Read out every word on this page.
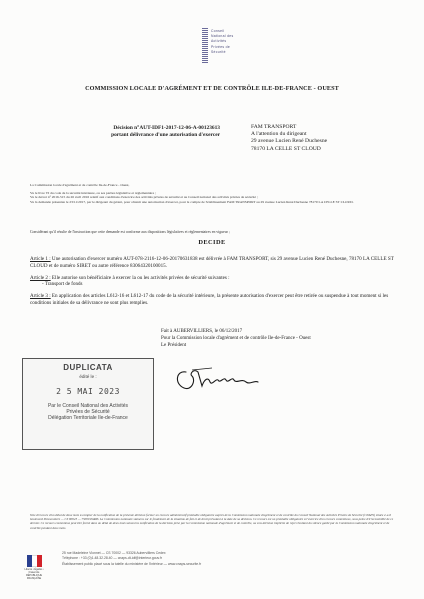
Conseil
National des
Activités
Privées de
Sécurité
COMMISSION LOCALE D'AGRÉMENT ET DE CONTRÔLE ILE-DE-FRANCE - OUEST
Décision n°AUT-IDF1-2017-12-06-A-00123613
portant délivrance d'une autorisation d'exercer
FAM TRANSPORT
A l'attention du dirigeant
29 avenue Lucien René Duchesne
78170 LA CELLE ST CLOUD
La Commission locale d'agrément et de contrôle Ile-de-France - Ouest,
Vu le livre VI du code de la sécurité intérieure, ou ses parties législative et réglementaire ;
Vu le décret n° 2016-515 du 26 avril 2016 relatif aux conditions d'exercice des activités privées de sécurité et au Conseil national des activités privées de sécurité ;
Vu la demande présentée le 23/11/2017, par le dirigeant du gérant, pour obtenir une autorisation d'exercer, pour le compte de l'établissement FAM TRANSPORT au 29 avenue Lucien René Duchesne 78170 LA CELLE ST CLOUD.
Considérant qu'il résulte de l'instruction que cette demande est conforme aux dispositions législatives et réglementaires en vigueur ;
DECIDE
Article 1 : Une autorisation d'exercer numéro AUT-078-2116-12-06-20170631838 est délivrée à FAM TRANSPORT, sis 29 avenue Lucien René Duchesne, 78170 LA CELLE ST CLOUD et de numéro SIRET ou autre référence 83064320100015.
Article 2 : Elle autorise son bénéficiaire à exercer la ou les activités privées de sécurité suivantes :
- Transport de fonds
Article 3 : En application des articles L612-16 et L612-17 du code de la sécurité intérieure, la présente autorisation d'exercer peut être retirée ou suspendue à tout moment si les conditions initiales de sa délivrance ne sont plus remplies.
Fait à AUBERVILLIERS, le 06/12/2017
Pour la Commission locale d'agrément et de contrôle Ile-de-France - Ouest
Le Président
DUPLICATA
édité le :
2 5 MAI 2023
Par le Conseil National des Activités
Privées de Sécurité
Délégation Territoriale Ile-de-France
Voie d'recours d'un délai de deux mois à compter de la notification de la présente décision former un recours administratif préalable obligatoire auprès de la Commission nationale d'agrément et de contrôle du Conseil National des Activités Privées de Sécurité (CNAPS) située 2-4-6 boulevard Poissonnière — CS 80023 — 75009 PARIS. La Commission nationale statuera sur le fondement de la situation de fait et de droit prévalant à la date de sa décision. Ce recours est un préalable obligatoire à l'exercice d'un recours contentieux, sous peine d'irrecevabilité de ce dernier. Ce recours contentieux peut être formé dans un délai de deux mois suivant la notification de la décision prise par la Commission nationale d'agrément et de contrôle, ou à la décision implicite de rejet résultant du silence gardé par la Commission nationale d'agrément et de contrôle pendant deux mois.
Liberté • Égalité • Fraternité
RÉPUBLIQUE FRANÇAISE
25 rue Madeleine Vionnet — CS 70002 — 93326 Aubervilliers Cedex
Téléphone : +33 (0)1.48.32.28.40 — cnaps-dt-idf@interieur.gouv.fr
Établissement public placé sous la tutelle du ministère de l'Intérieur — www.cnaps-securite.fr
